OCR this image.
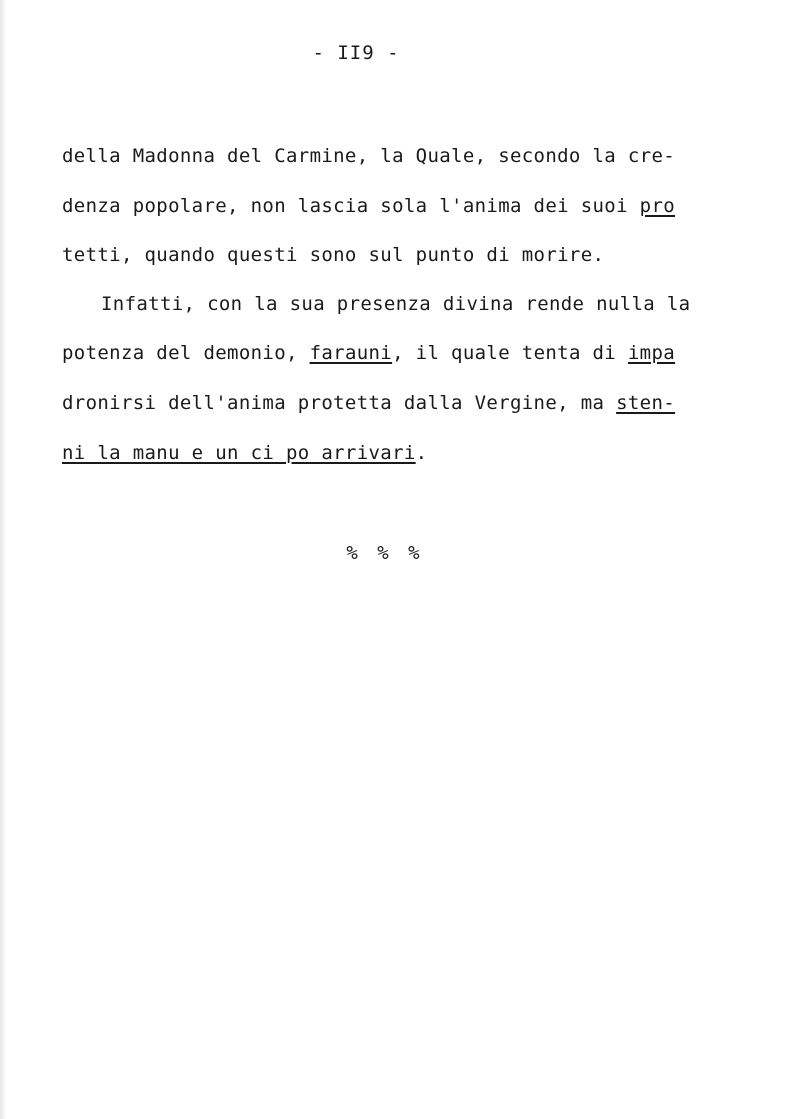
- II9 -
della Madonna del Carmine, la Quale, secondo la cre-
denza popolare, non lascia sola l'anima dei suoi pro
tetti, quando questi sono sul punto di morire.
Infatti, con la sua presenza divina rende nulla la
potenza del demonio, farauni, il quale tenta di impa
dronirsi dell'anima protetta dalla Vergine, ma sten-
ni la manu e un ci po arrivari.
% % %
